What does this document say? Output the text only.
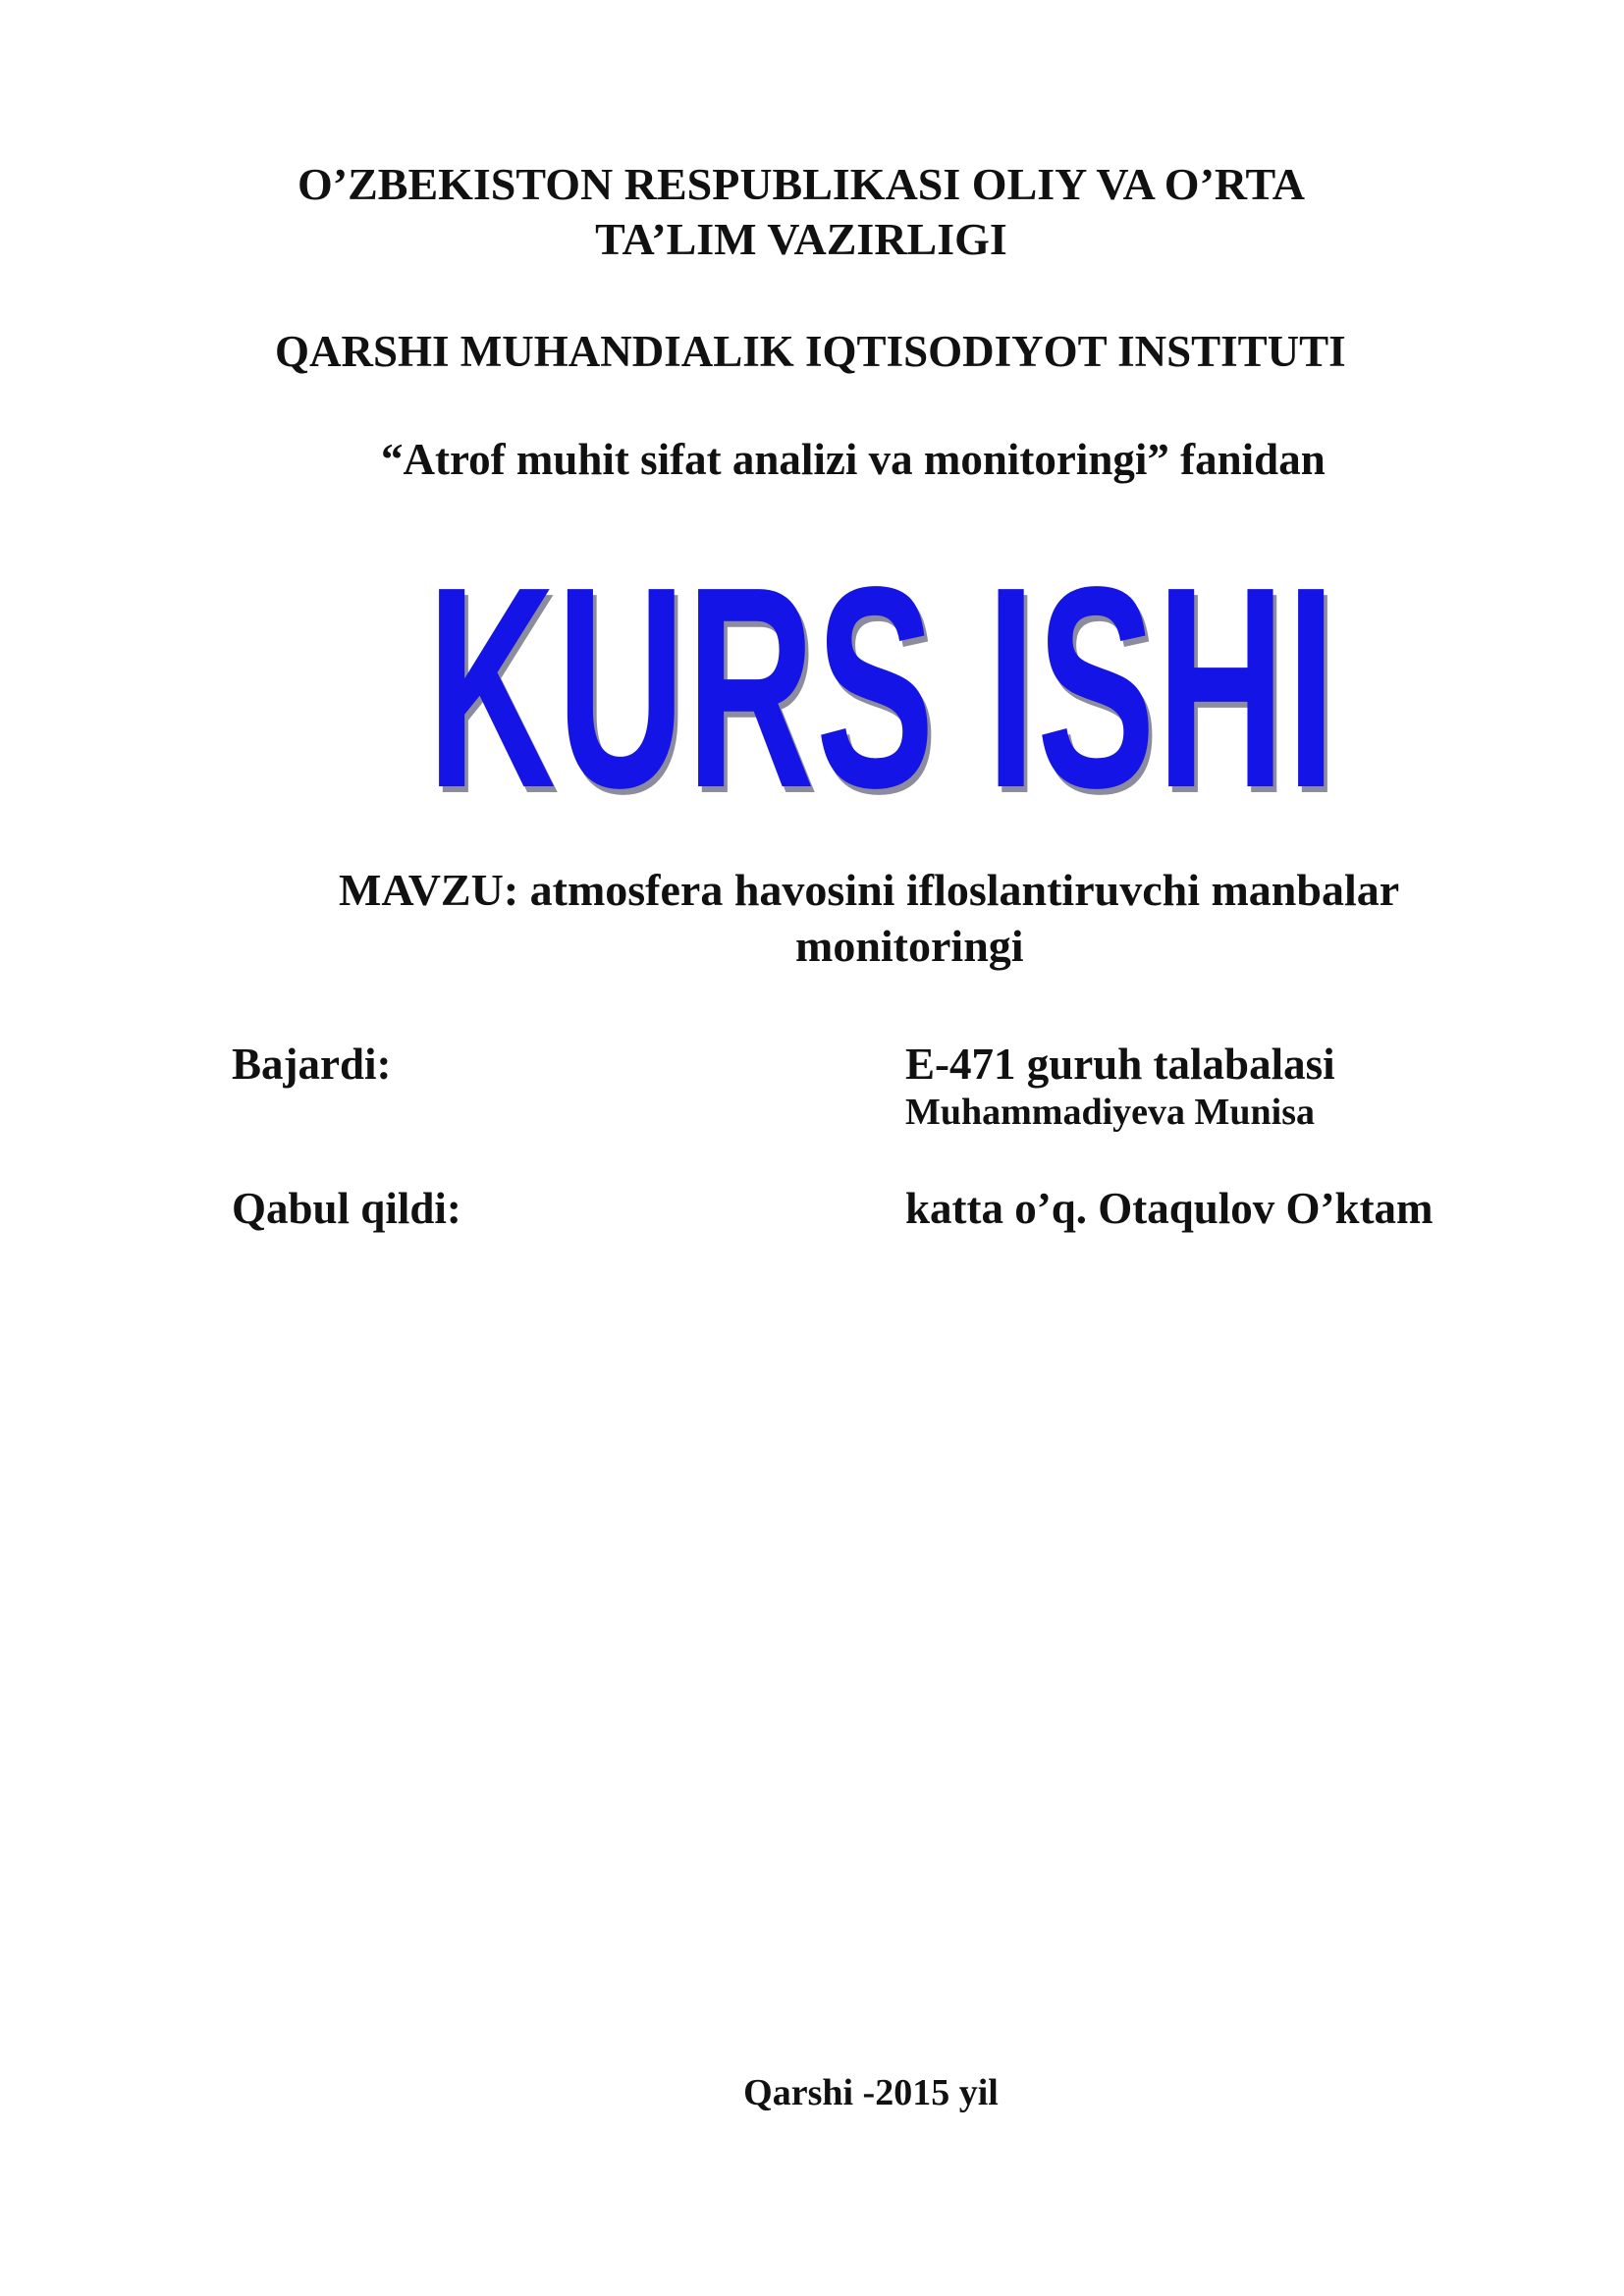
O’ZBEKISTON RESPUBLIKASI OLIY VA O’RTA
TA’LIM VAZIRLIGI
QARSHI MUHANDIALIK IQTISODIYOT INSTITUTI
“Atrof muhit sifat analizi va monitoringi” fanidan
KURS ISHI
MAVZU: atmosfera havosini ifloslantiruvchi manbalar
monitoringi
Bajardi:	E-471 guruh talabalasi
Muhammadiyeva Munisa
Qabul qildi:	katta o’q. Otaqulov O’ktam
Qarshi -2015 yil
